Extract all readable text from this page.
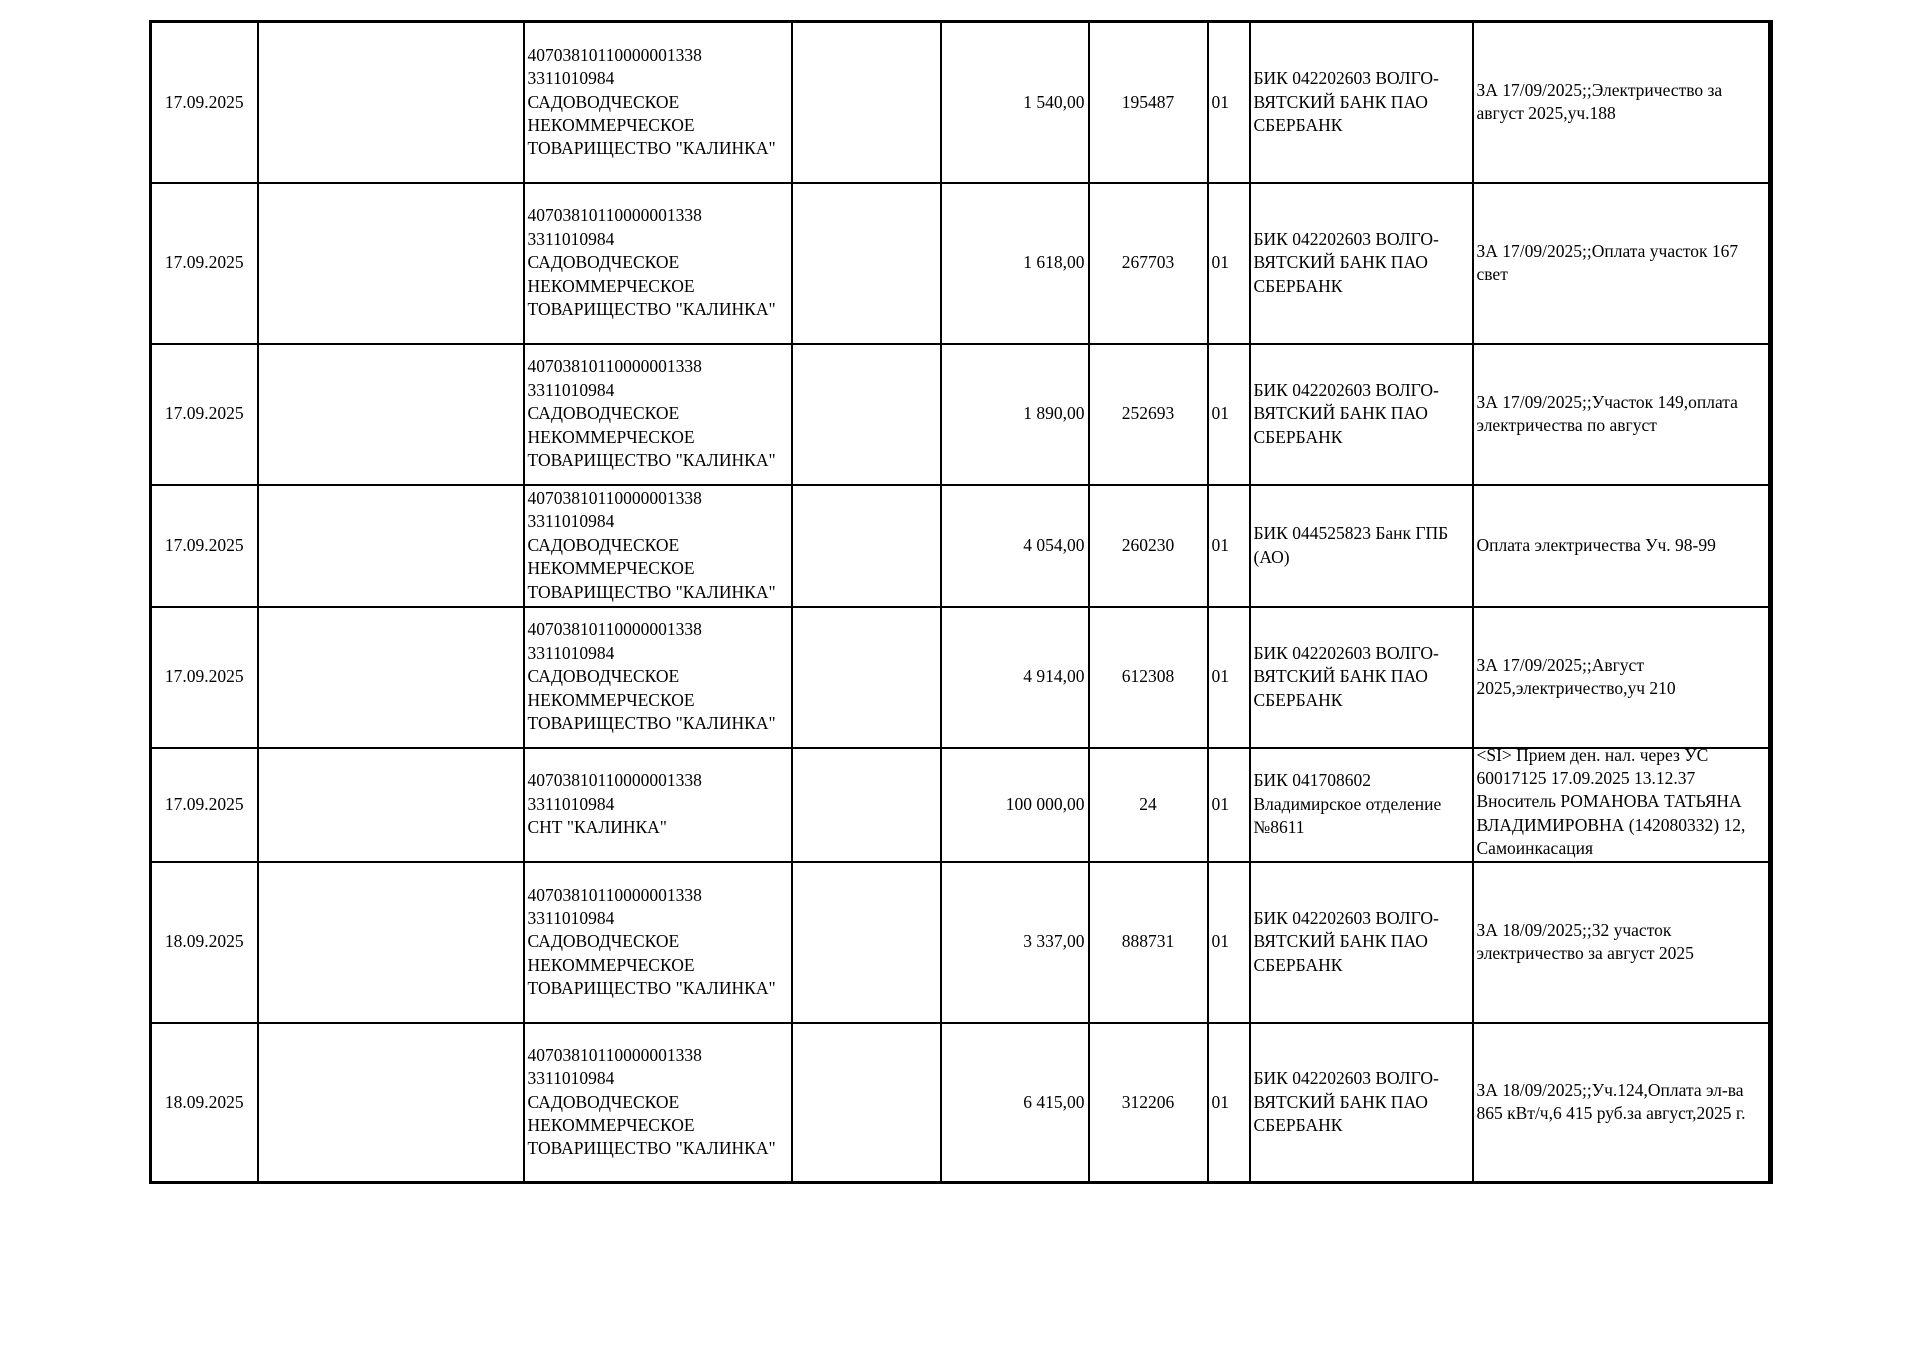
17.09.2025		40703810110000001338
3311010984
САДОВОДЧЕСКОЕ
НЕКОММЕРЧЕСКОЕ
ТОВАРИЩЕСТВО "КАЛИНКА"		1 540,00	195487	01	БИК 042202603 ВОЛГО-
ВЯТСКИЙ БАНК ПАО
СБЕРБАНК	ЗА 17/09/2025;;Электричество за
август 2025,уч.188

17.09.2025		40703810110000001338
3311010984
САДОВОДЧЕСКОЕ
НЕКОММЕРЧЕСКОЕ
ТОВАРИЩЕСТВО "КАЛИНКА"		1 618,00	267703	01	БИК 042202603 ВОЛГО-
ВЯТСКИЙ БАНК ПАО
СБЕРБАНК	ЗА 17/09/2025;;Оплата участок 167
свет

17.09.2025		40703810110000001338
3311010984
САДОВОДЧЕСКОЕ
НЕКОММЕРЧЕСКОЕ
ТОВАРИЩЕСТВО "КАЛИНКА"		1 890,00	252693	01	БИК 042202603 ВОЛГО-
ВЯТСКИЙ БАНК ПАО
СБЕРБАНК	ЗА 17/09/2025;;Участок 149,оплата
электричества по август

17.09.2025		40703810110000001338
3311010984
САДОВОДЧЕСКОЕ
НЕКОММЕРЧЕСКОЕ
ТОВАРИЩЕСТВО "КАЛИНКА"		4 054,00	260230	01	БИК 044525823 Банк ГПБ
(АО)	Оплата электричества Уч. 98-99

17.09.2025		40703810110000001338
3311010984
САДОВОДЧЕСКОЕ
НЕКОММЕРЧЕСКОЕ
ТОВАРИЩЕСТВО "КАЛИНКА"		4 914,00	612308	01	БИК 042202603 ВОЛГО-
ВЯТСКИЙ БАНК ПАО
СБЕРБАНК	ЗА 17/09/2025;;Август
2025,электричество,уч 210

17.09.2025		40703810110000001338
3311010984
СНТ "КАЛИНКА"		100 000,00	24	01	БИК 041708602
Владимирское отделение
№8611	<SI> Прием ден. нал. через УС
60017125 17.09.2025 13.12.37
Вноситель РОМАНОВА ТАТЬЯНА
ВЛАДИМИРОВНА (142080332) 12,
Самоинкасация

18.09.2025		40703810110000001338
3311010984
САДОВОДЧЕСКОЕ
НЕКОММЕРЧЕСКОЕ
ТОВАРИЩЕСТВО "КАЛИНКА"		3 337,00	888731	01	БИК 042202603 ВОЛГО-
ВЯТСКИЙ БАНК ПАО
СБЕРБАНК	ЗА 18/09/2025;;32 участок
электричество за август 2025

18.09.2025		40703810110000001338
3311010984
САДОВОДЧЕСКОЕ
НЕКОММЕРЧЕСКОЕ
ТОВАРИЩЕСТВО "КАЛИНКА"		6 415,00	312206	01	БИК 042202603 ВОЛГО-
ВЯТСКИЙ БАНК ПАО
СБЕРБАНК	ЗА 18/09/2025;;Уч.124,Оплата эл-ва
865 кВт/ч,6 415 руб.за август,2025 г.
